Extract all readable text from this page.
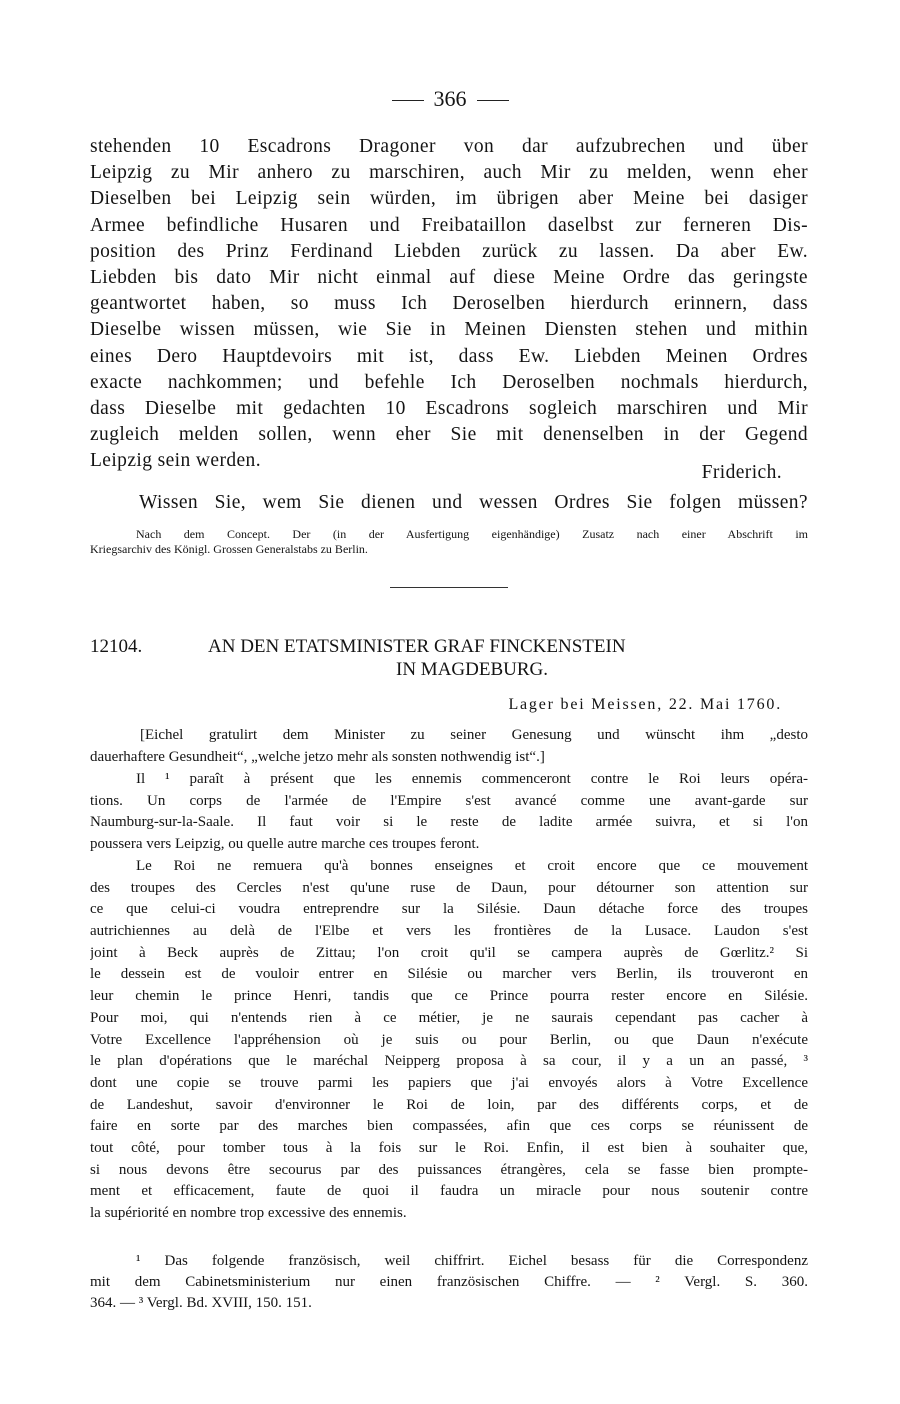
366
stehenden 10 Escadrons Dragoner von dar aufzubrechen und über
Leipzig zu Mir anhero zu marschiren, auch Mir zu melden, wenn eher
Dieselben bei Leipzig sein würden, im übrigen aber Meine bei dasiger
Armee befindliche Husaren und Freibataillon daselbst zur ferneren Dis-
position des Prinz Ferdinand Liebden zurück zu lassen. Da aber Ew.
Liebden bis dato Mir nicht einmal auf diese Meine Ordre das geringste
geantwortet haben, so muss Ich Deroselben hierdurch erinnern, dass
Dieselbe wissen müssen, wie Sie in Meinen Diensten stehen und mithin
eines Dero Hauptdevoirs mit ist, dass Ew. Liebden Meinen Ordres
exacte nachkommen; und befehle Ich Deroselben nochmals hierdurch,
dass Dieselbe mit gedachten 10 Escadrons sogleich marschiren und Mir
zugleich melden sollen, wenn eher Sie mit denenselben in der Gegend
Leipzig sein werden.
Friderich.
Wissen Sie, wem Sie dienen und wessen Ordres Sie folgen müssen?
Nach dem Concept. Der (in der Ausfertigung eigenhändige) Zusatz nach einer Abschrift im
Kriegsarchiv des Königl. Grossen Generalstabs zu Berlin.
12104.	AN DEN ETATSMINISTER GRAF FINCKENSTEIN
IN MAGDEBURG.
Lager bei Meissen, 22. Mai 1760.
[Eichel gratulirt dem Minister zu seiner Genesung und wünscht ihm „desto
dauerhaftere Gesundheit“, „welche jetzo mehr als sonsten nothwendig ist“.]
Il ¹ paraît à présent que les ennemis commenceront contre le Roi leurs opéra-
tions. Un corps de l'armée de l'Empire s'est avancé comme une avant-garde sur
Naumburg-sur-la-Saale. Il faut voir si le reste de ladite armée suivra, et si l'on
poussera vers Leipzig, ou quelle autre marche ces troupes feront.
Le Roi ne remuera qu'à bonnes enseignes et croit encore que ce mouvement
des troupes des Cercles n'est qu'une ruse de Daun, pour détourner son attention sur
ce que celui-ci voudra entreprendre sur la Silésie. Daun détache force des troupes
autrichiennes au delà de l'Elbe et vers les frontières de la Lusace. Laudon s'est
joint à Beck auprès de Zittau; l'on croit qu'il se campera auprès de Gœrlitz.² Si
le dessein est de vouloir entrer en Silésie ou marcher vers Berlin, ils trouveront en
leur chemin le prince Henri, tandis que ce Prince pourra rester encore en Silésie.
Pour moi, qui n'entends rien à ce métier, je ne saurais cependant pas cacher à
Votre Excellence l'appréhension où je suis ou pour Berlin, ou que Daun n'exécute
le plan d'opérations que le maréchal Neipperg proposa à sa cour, il y a un an passé, ³
dont une copie se trouve parmi les papiers que j'ai envoyés alors à Votre Excellence
de Landeshut, savoir d'environner le Roi de loin, par des différents corps, et de
faire en sorte par des marches bien compassées, afin que ces corps se réunissent de
tout côté, pour tomber tous à la fois sur le Roi. Enfin, il est bien à souhaiter que,
si nous devons être secourus par des puissances étrangères, cela se fasse bien prompte-
ment et efficacement, faute de quoi il faudra un miracle pour nous soutenir contre
la supériorité en nombre trop excessive des ennemis.
¹ Das folgende französisch, weil chiffrirt. Eichel besass für die Correspondenz
mit dem Cabinetsministerium nur einen französischen Chiffre. — ² Vergl. S. 360.
364. — ³ Vergl. Bd. XVIII, 150. 151.
